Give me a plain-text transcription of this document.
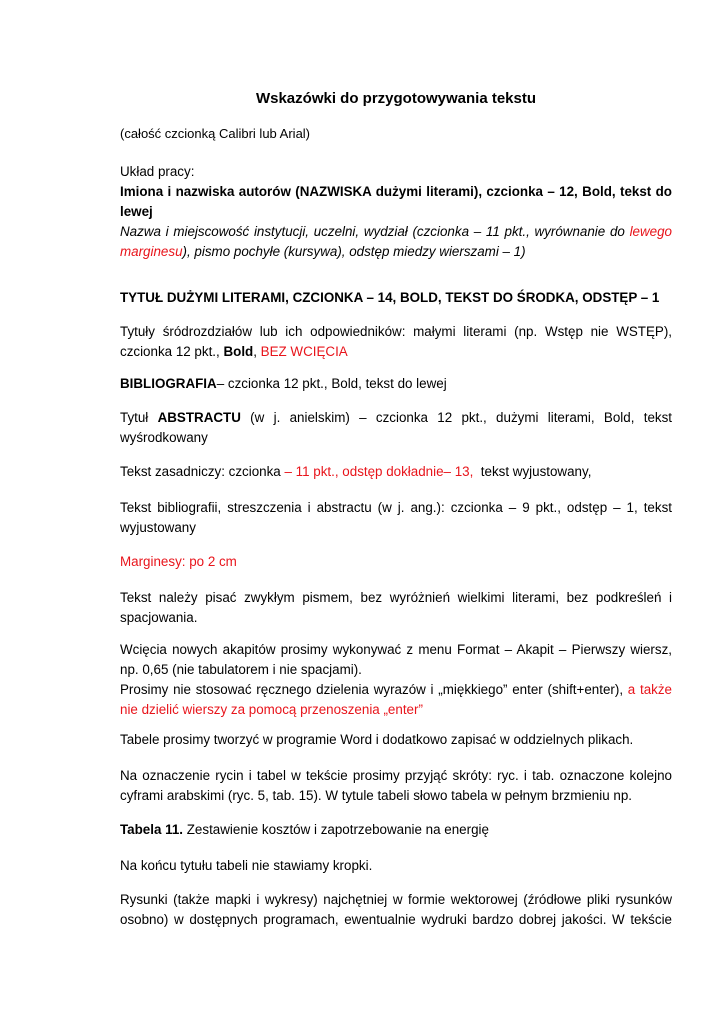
Wskazówki do przygotowywania tekstu

(całość czcionką Calibri lub Arial)

Układ pracy:
Imiona i nazwiska autorów (NAZWISKA dużymi literami), czcionka – 12, Bold, tekst do
lewej
Nazwa i miejscowość instytucji, uczelni, wydział (czcionka – 11 pkt., wyrównanie do lewego
marginesu), pismo pochyłe (kursywa), odstęp miedzy wierszami – 1)

TYTUŁ DUŻYMI LITERAMI, CZCIONKA – 14, BOLD, TEKST DO ŚRODKA, ODSTĘP – 1

Tytuły śródrozdziałów lub ich odpowiedników: małymi literami (np. Wstęp nie WSTĘP),
czcionka 12 pkt., Bold, BEZ WCIĘCIA

BIBLIOGRAFIA– czcionka 12 pkt., Bold, tekst do lewej

Tytuł ABSTRACTU (w j. anielskim) – czcionka 12 pkt., dużymi literami, Bold, tekst
wyśrodkowany

Tekst zasadniczy: czcionka – 11 pkt., odstęp dokładnie– 13,  tekst wyjustowany,

Tekst bibliografii, streszczenia i abstractu (w j. ang.): czcionka – 9 pkt., odstęp – 1, tekst
wyjustowany

Marginesy: po 2 cm

Tekst należy pisać zwykłym pismem, bez wyróżnień wielkimi literami, bez podkreśleń i
spacjowania.
Wcięcia nowych akapitów prosimy wykonywać z menu Format – Akapit – Pierwszy wiersz,
np. 0,65 (nie tabulatorem i nie spacjami).
Prosimy nie stosować ręcznego dzielenia wyrazów i „miękkiego” enter (shift+enter), a także
nie dzielić wierszy za pomocą przenoszenia „enter”

Tabele prosimy tworzyć w programie Word i dodatkowo zapisać w oddzielnych plikach.

Na oznaczenie rycin i tabel w tekście prosimy przyjąć skróty: ryc. i tab. oznaczone kolejno
cyframi arabskimi (ryc. 5, tab. 15). W tytule tabeli słowo tabela w pełnym brzmieniu np.

Tabela 11. Zestawienie kosztów i zapotrzebowanie na energię

Na końcu tytułu tabeli nie stawiamy kropki.

Rysunki (także mapki i wykresy) najchętniej w formie wektorowej (źródłowe pliki rysunków
osobno) w dostępnych programach, ewentualnie wydruki bardzo dobrej jakości. W tekście
